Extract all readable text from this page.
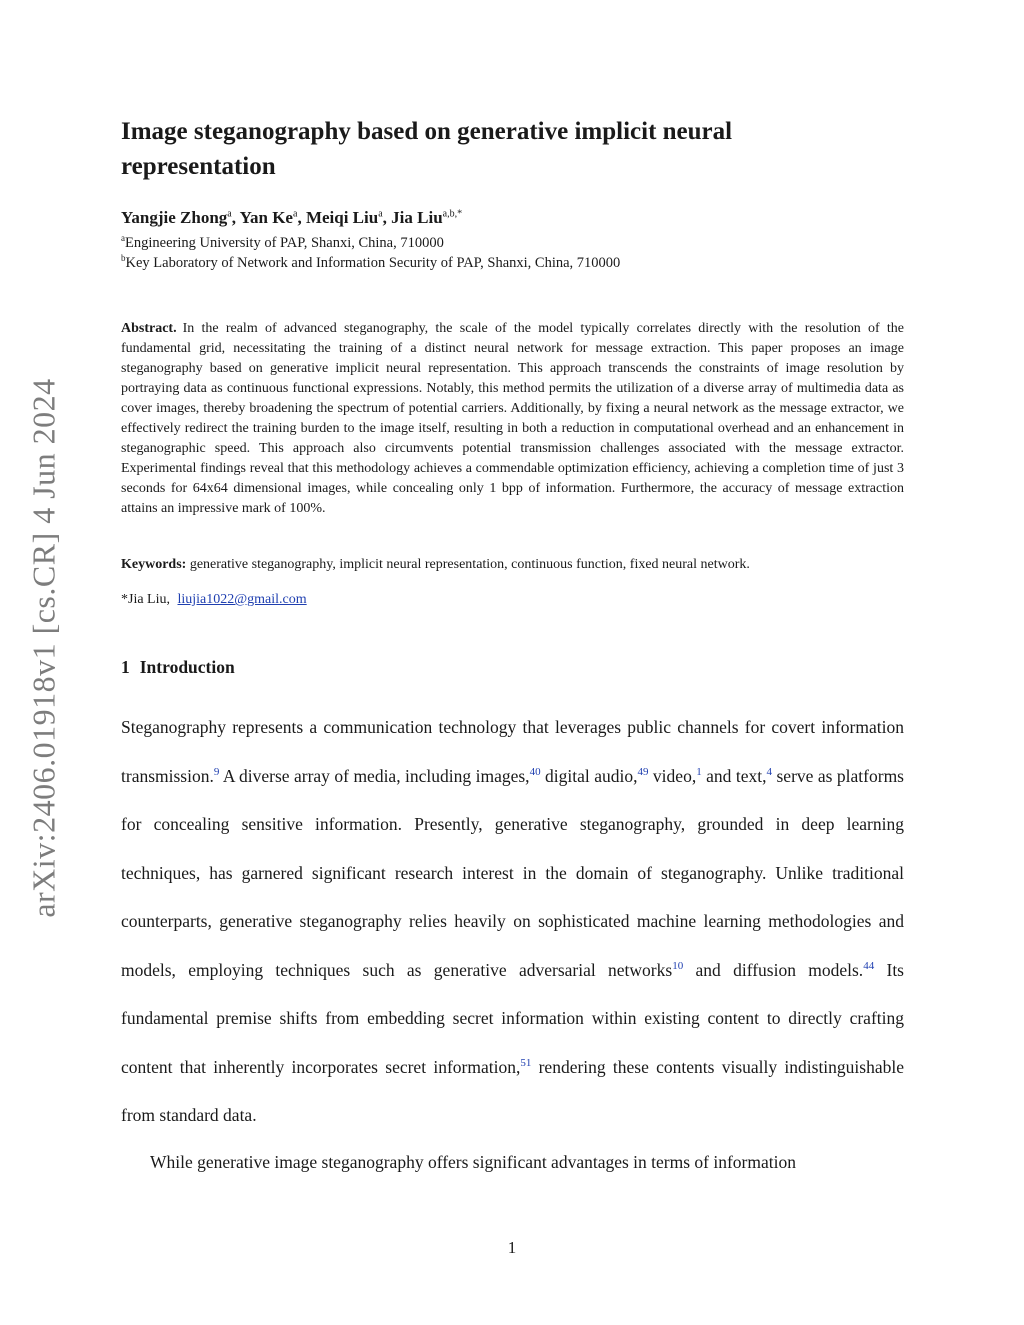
arXiv:2406.01918v1 [cs.CR] 4 Jun 2024
Image steganography based on generative implicit neural representation
Yangjie Zhong$^a$, Yan Ke$^a$, Meiqi Liu$^a$, Jia Liu$^{a,b,*}$
$^a$Engineering University of PAP, Shanxi, China, 710000
$^b$Key Laboratory of Network and Information Security of PAP, Shanxi, China, 710000

Abstract. In the realm of advanced steganography, the scale of the model typically correlates directly with the resolution of the fundamental grid, necessitating the training of a distinct neural network for message extraction. This paper proposes an image steganography based on generative implicit neural representation. This approach transcends the constraints of image resolution by portraying data as continuous functional expressions. Notably, this method permits the utilization of a diverse array of multimedia data as cover images, thereby broadening the spectrum of potential carriers. Additionally, by fixing a neural network as the message extractor, we effectively redirect the training burden to the image itself, resulting in both a reduction in computational overhead and an enhancement in steganographic speed. This approach also circumvents potential transmission challenges associated with the message extractor. Experimental findings reveal that this methodology achieves a commendable optimization efficiency, achieving a completion time of just 3 seconds for 64x64 dimensional images, while concealing only 1 bpp of information. Furthermore, the accuracy of message extraction attains an impressive mark of 100%.

Keywords: generative steganography, implicit neural representation, continuous function, fixed neural network.
*Jia Liu, liujia1022@gmail.com
1 Introduction

Steganography represents a communication technology that leverages public channels for covert information transmission.$^9$ A diverse array of media, including images,$^{40}$ digital audio,$^{49}$ video,$^1$ and text,$^4$ serve as platforms for concealing sensitive information. Presently, generative steganography, grounded in deep learning techniques, has garnered significant research interest in the domain of steganography. Unlike traditional counterparts, generative steganography relies heavily on sophisticated machine learning methodologies and models, employing techniques such as generative adversarial networks$^{10}$ and diffusion models.$^{44}$ Its fundamental premise shifts from embedding secret information within existing content to directly crafting content that inherently incorporates secret information,$^{51}$ rendering these contents visually indistinguishable from standard data.

While generative image steganography offers significant advantages in terms of information

1
